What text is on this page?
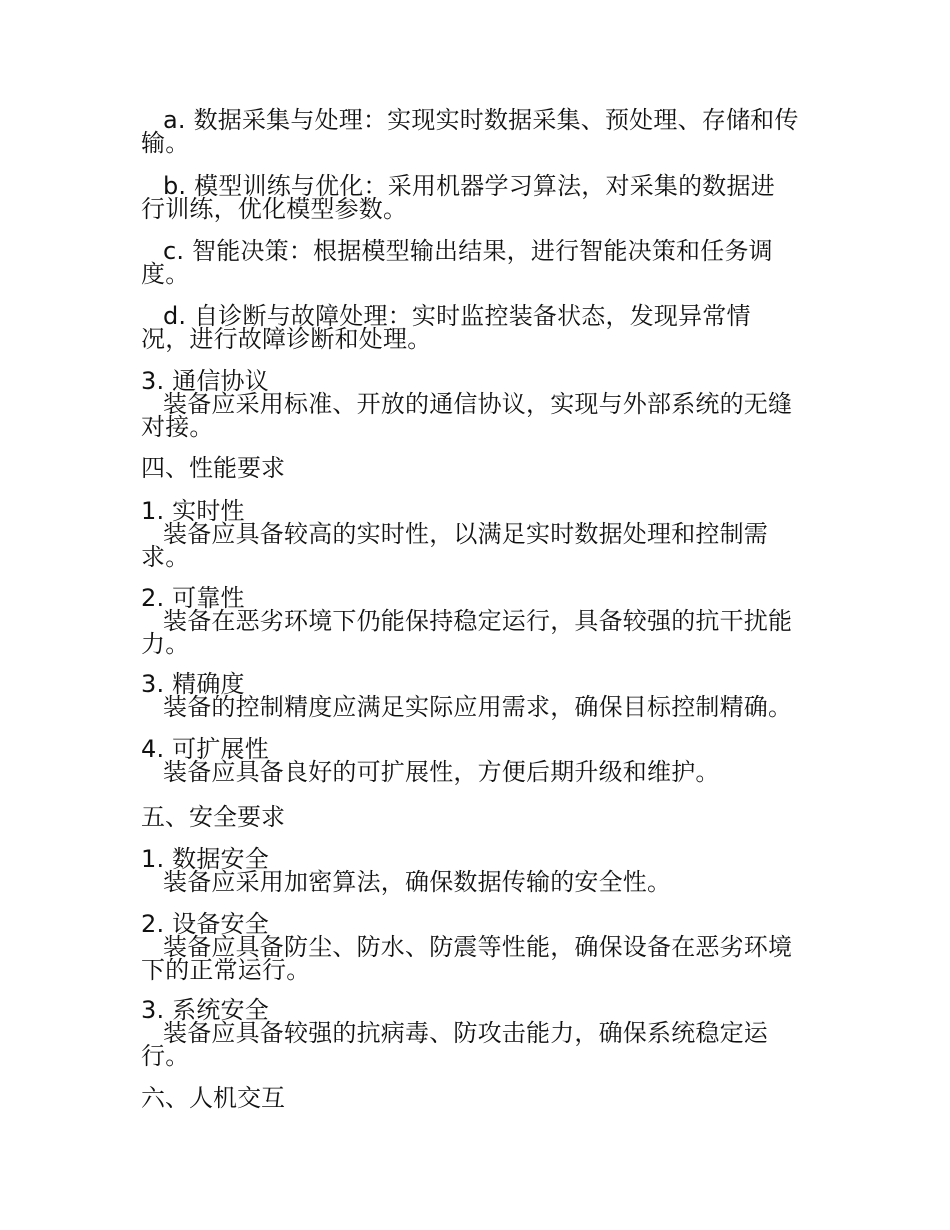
a. 数据采集与处理：实现实时数据采集、预处理、存储和传
输。
b. 模型训练与优化：采用机器学习算法，对采集的数据进
行训练，优化模型参数。
c. 智能决策：根据模型输出结果，进行智能决策和任务调
度。
d. 自诊断与故障处理：实时监控装备状态，发现异常情
况，进行故障诊断和处理。
3. 通信协议
装备应采用标准、开放的通信协议，实现与外部系统的无缝
对接。
四、性能要求
1. 实时性
装备应具备较高的实时性，以满足实时数据处理和控制需
求。
2. 可靠性
装备在恶劣环境下仍能保持稳定运行，具备较强的抗干扰能
力。
3. 精确度
装备的控制精度应满足实际应用需求，确保目标控制精确。
4. 可扩展性
装备应具备良好的可扩展性，方便后期升级和维护。
五、安全要求
1. 数据安全
装备应采用加密算法，确保数据传输的安全性。
2. 设备安全
装备应具备防尘、防水、防震等性能，确保设备在恶劣环境
下的正常运行。
3. 系统安全
装备应具备较强的抗病毒、防攻击能力，确保系统稳定运
行。
六、人机交互
